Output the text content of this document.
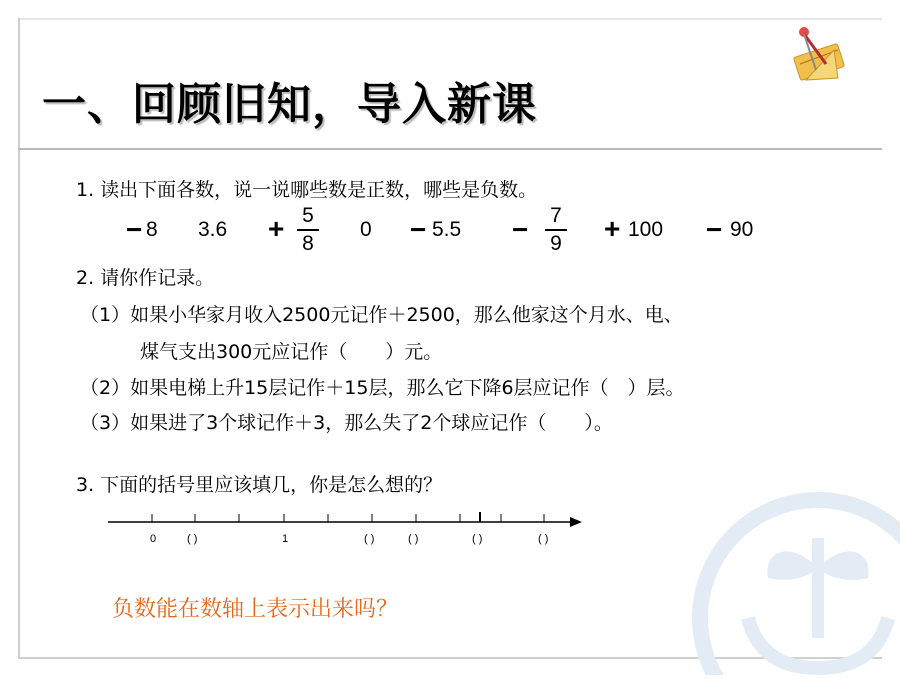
一、回顾旧知，导入新课
1. 读出下面各数，说一说哪些数是正数，哪些是负数。
− 8 3.6 + 5
8
0 − 5.5 − 7
9 + 100 − 90
2. 请你作记录。
（1）如果小华家月收入2500元记作＋2500，那么他家这个月水、电、
煤气支出300元应记作（　　）元。
（2）如果电梯上升15层记作＋15层，那么它下降6层应记作（　）层。
（3）如果进了3个球记作＋3，那么失了2个球应记作（　　）。
3. 下面的括号里应该填几，你是怎么想的？
0	( )	1	( )	( )	( )	( )
负数能在数轴上表示出来吗？
